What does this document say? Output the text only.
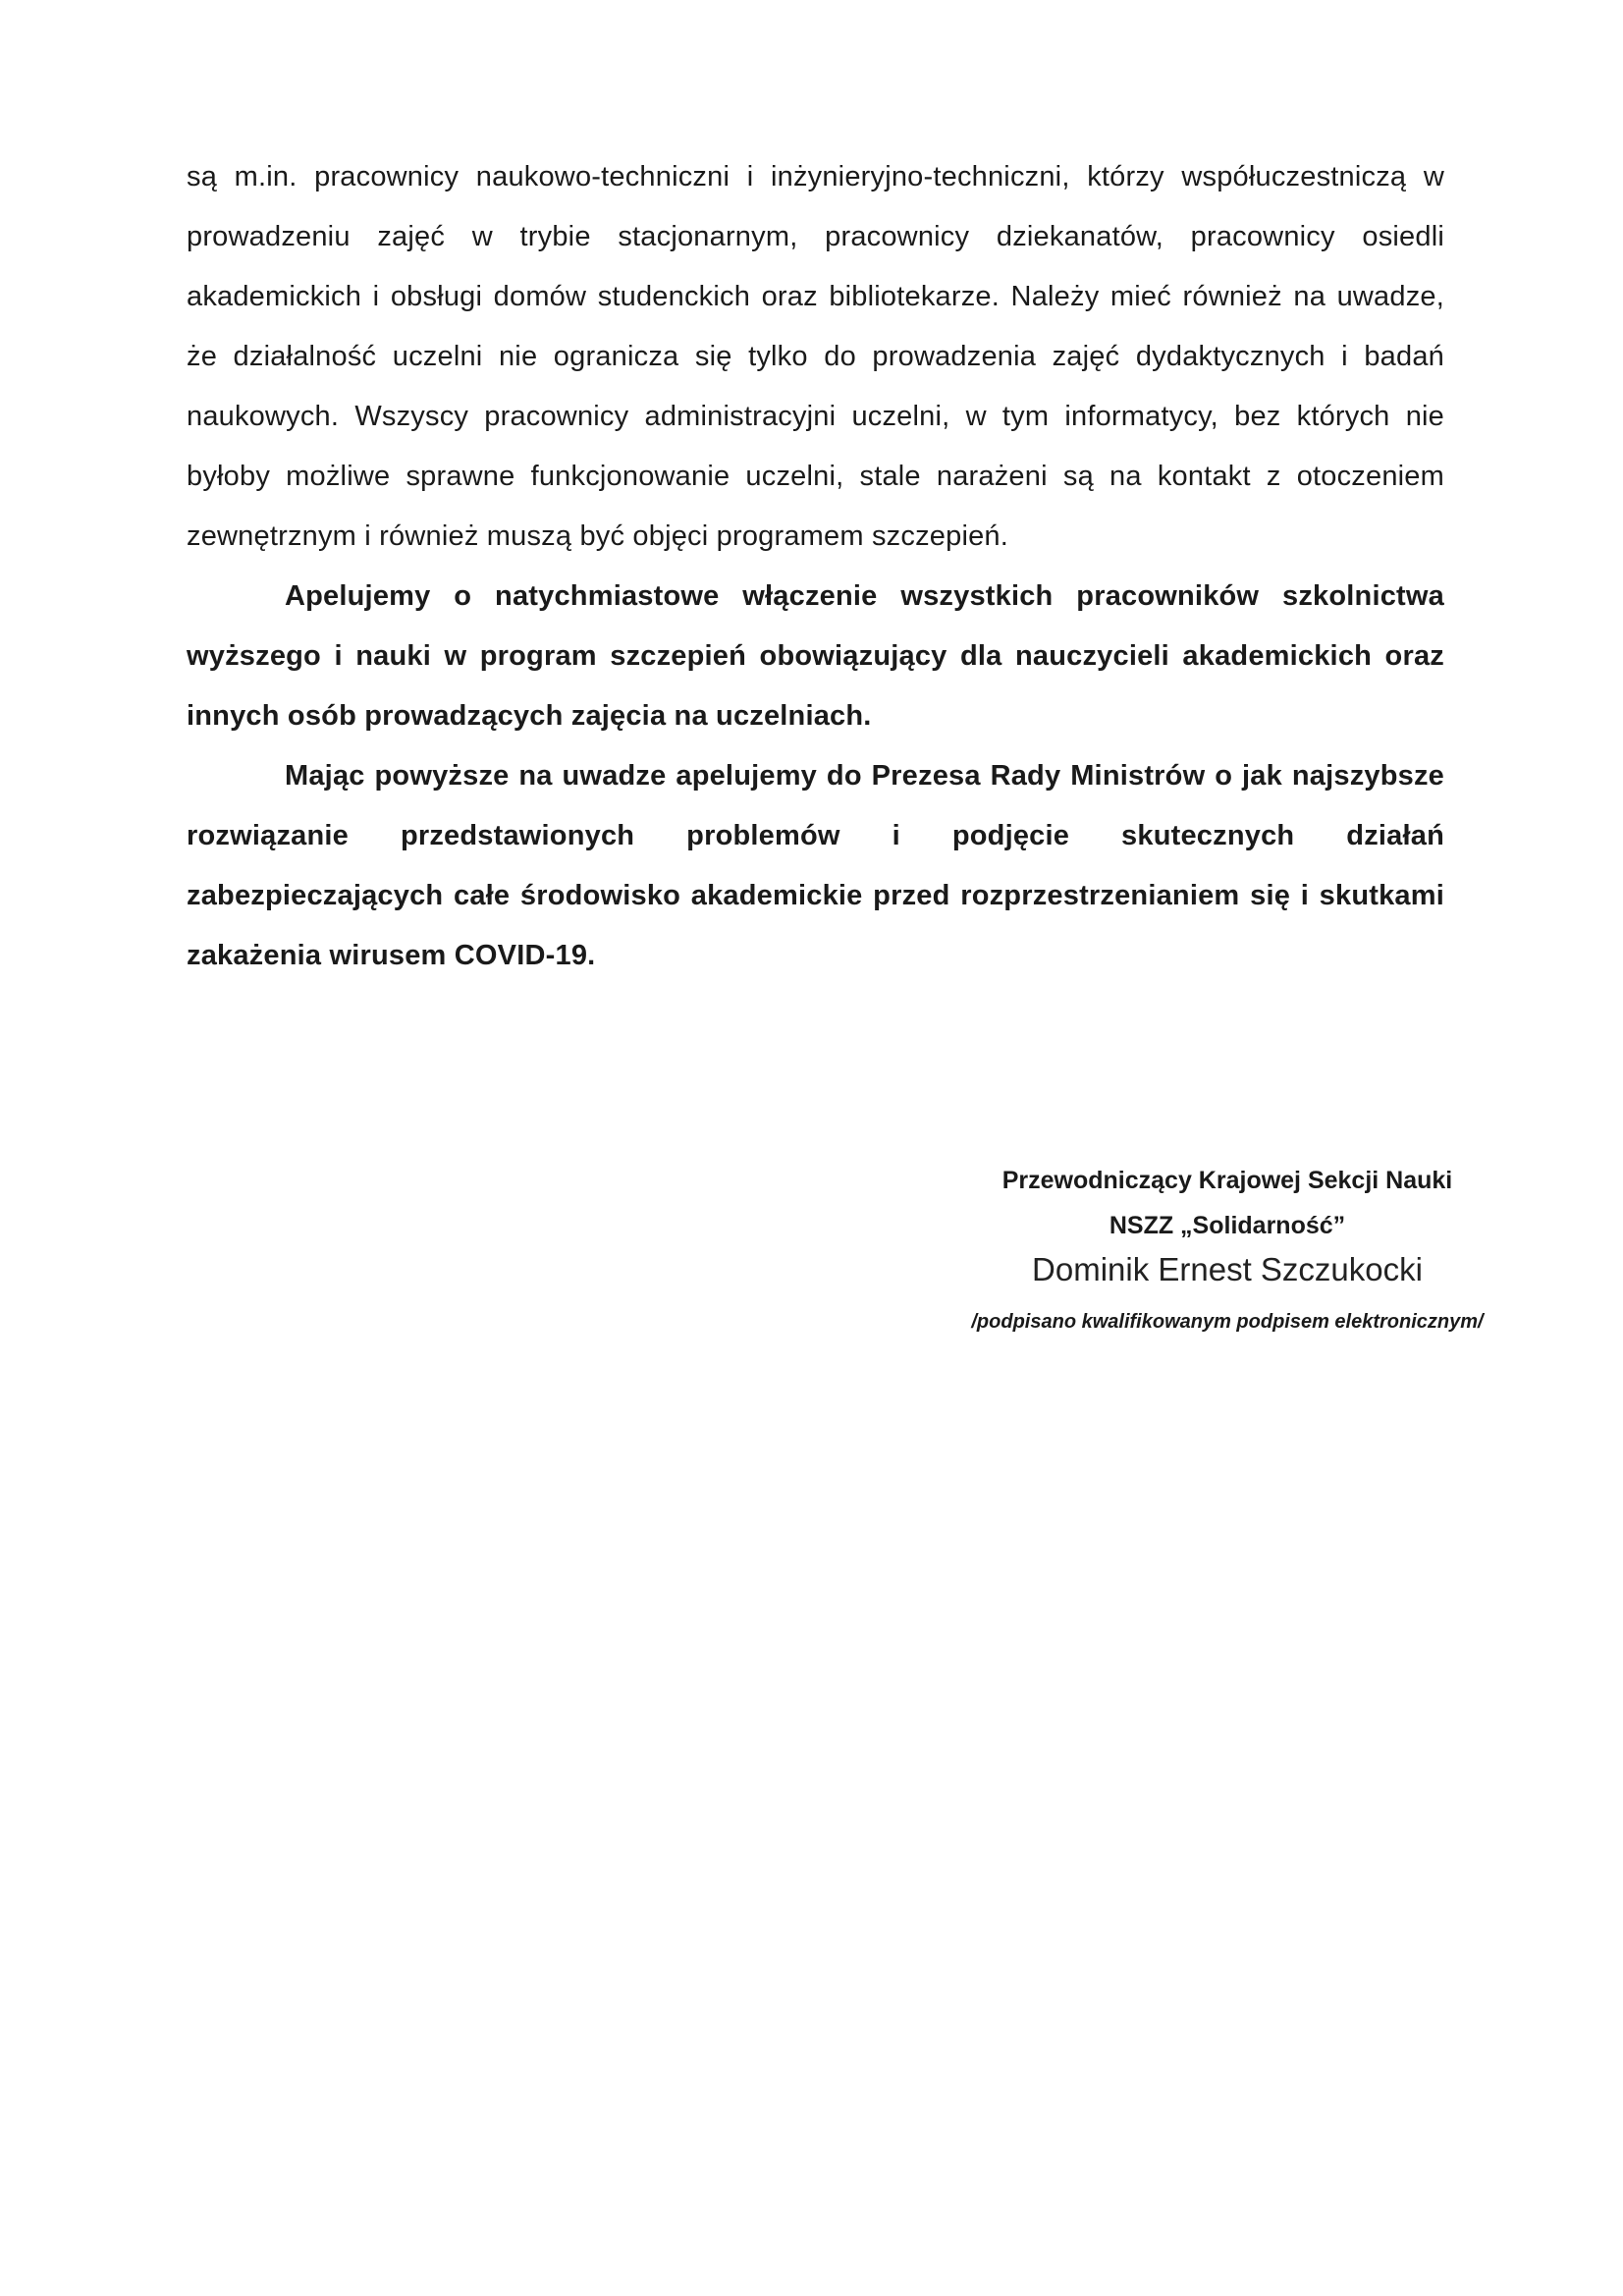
są m.in. pracownicy naukowo-techniczni i inżynieryjno-techniczni, którzy współuczestniczą w prowadzeniu zajęć w trybie stacjonarnym, pracownicy dziekanatów, pracownicy osiedli akademickich i obsługi domów studenckich oraz bibliotekarze. Należy mieć również na uwadze, że działalność uczelni nie ogranicza się tylko do prowadzenia zajęć dydaktycznych i badań naukowych. Wszyscy pracownicy administracyjni uczelni, w tym informatycy, bez których nie byłoby możliwe sprawne funkcjonowanie uczelni, stale narażeni są na kontakt z otoczeniem zewnętrznym i również muszą być objęci programem szczepień.

Apelujemy o natychmiastowe włączenie wszystkich pracowników szkolnictwa wyższego i nauki w program szczepień obowiązujący dla nauczycieli akademickich oraz innych osób prowadzących zajęcia na uczelniach.

Mając powyższe na uwadze apelujemy do Prezesa Rady Ministrów o jak najszybsze rozwiązanie przedstawionych problemów i podjęcie skutecznych działań zabezpieczających całe środowisko akademickie przed rozprzestrzenianiem się i skutkami zakażenia wirusem COVID-19.

Przewodniczący Krajowej Sekcji Nauki

NSZZ „Solidarność”

Dominik Ernest Szczukocki

/podpisano kwalifikowanym podpisem elektronicznym/
